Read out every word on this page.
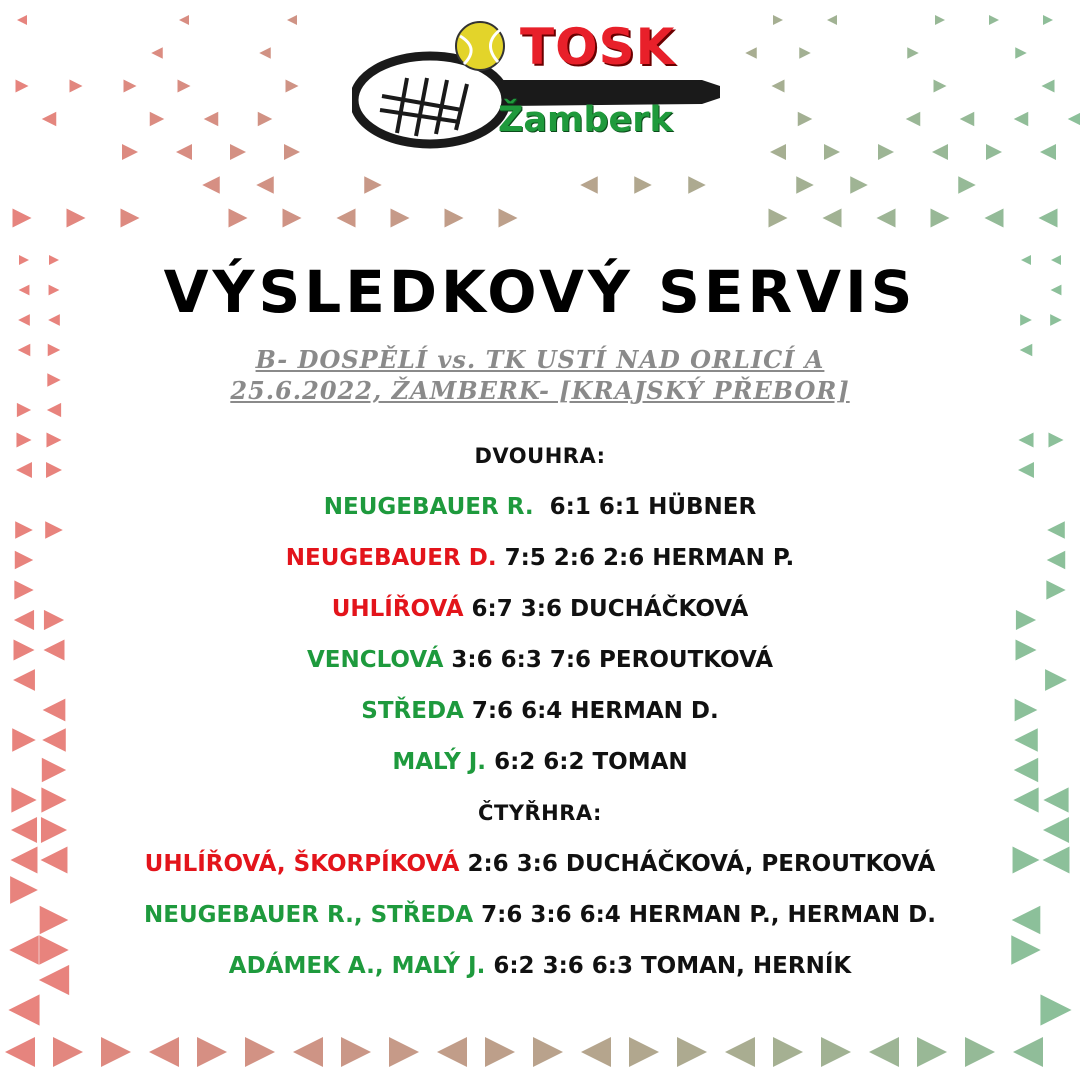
TOSK
Žamberk
VÝSLEDKOVÝ SERVIS
B- DOSPĚLÍ vs. TK USTÍ NAD ORLICÍ A
25.6.2022, ŽAMBERK- [KRAJSKÝ PŘEBOR]
DVOUHRA:
NEUGEBAUER R.  6:1 6:1 HÜBNER
NEUGEBAUER D. 7:5 2:6 2:6 HERMAN P.
UHLÍŘOVÁ 6:7 3:6 DUCHÁČKOVÁ
VENCLOVÁ 3:6 6:3 7:6 PEROUTKOVÁ
STŘEDA 7:6 6:4 HERMAN D.
MALÝ J. 6:2 6:2 TOMAN
ČTYŘHRA:
UHLÍŘOVÁ, ŠKORPÍKOVÁ 2:6 3:6 DUCHÁČKOVÁ, PEROUTKOVÁ
NEUGEBAUER R., STŘEDA 7:6 3:6 6:4 HERMAN P., HERMAN D.
ADÁMEK A., MALÝ J. 6:2 3:6 6:3 TOMAN, HERNÍK
